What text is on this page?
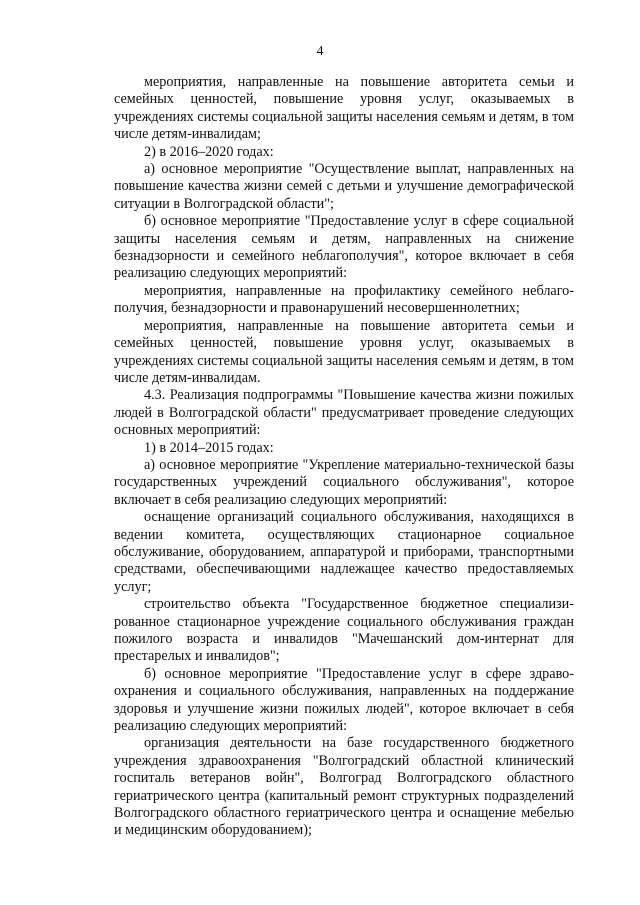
4

мероприятия, направленные на повышение авторитета семьи и семейных ценностей, повышение уровня услуг, оказываемых в учреждениях системы социальной защиты населения семьям и детям, в том числе детям-инвалидам;

2) в 2016–2020 годах:

а) основное мероприятие "Осуществление выплат, направленных на повышение качества жизни семей с детьми и улучшение демографической ситуации в Волгоградской области";

б) основное мероприятие "Предоставление услуг в сфере социальной защиты населения семьям и детям, направленных на снижение безнадзорности и семейного неблагополучия", которое включает в себя реализацию следующих мероприятий:

мероприятия, направленные на профилактику семейного неблагополучия, безнадзорности и правонарушений несовершеннолетних;

мероприятия, направленные на повышение авторитета семьи и семейных ценностей, повышение уровня услуг, оказываемых в учреждениях системы социальной защиты населения семьям и детям, в том числе детям-инвалидам.

4.3. Реализация подпрограммы "Повышение качества жизни пожилых людей в Волгоградской области" предусматривает проведение следующих основных мероприятий:

1) в 2014–2015 годах:

а) основное мероприятие "Укрепление материально-технической базы государственных учреждений социального обслуживания", которое включает в себя реализацию следующих мероприятий:

оснащение организаций социального обслуживания, находящихся в ведении комитета, осуществляющих стационарное социальное обслуживание, оборудованием, аппаратурой и приборами, транспортными средствами, обеспечивающими надлежащее качество предоставляемых услуг;

строительство объекта "Государственное бюджетное специализированное стационарное учреждение социального обслуживания граждан пожилого возраста и инвалидов "Мачешанский дом-интернат для престарелых и инвалидов";

б) основное мероприятие "Предоставление услуг в сфере здравоохранения и социального обслуживания, направленных на поддержание здоровья и улучшение жизни пожилых людей", которое включает в себя реализацию следующих мероприятий:

организация деятельности на базе государственного бюджетного учреждения здравоохранения "Волгоградский областной клинический госпиталь ветеранов войн", Волгоград Волгоградского областного гериатрического центра (капитальный ремонт структурных подразделений Волгоградского областного гериатрического центра и оснащение мебелью и медицинским оборудованием);
